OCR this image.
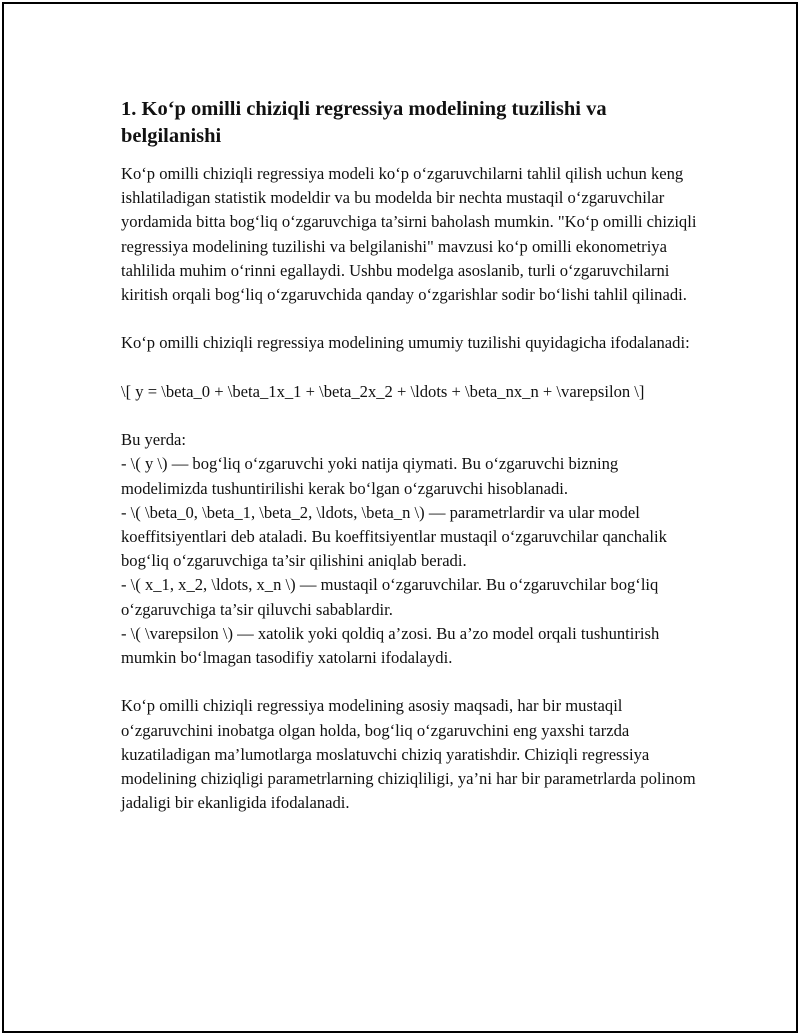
1. Ko‘p omilli chiziqli regressiya modelining tuzilishi va belgilanishi

Ko‘p omilli chiziqli regressiya modeli ko‘p o‘zgaruvchilarni tahlil qilish uchun keng ishlatiladigan statistik modeldir va bu modelda bir nechta mustaqil o‘zgaruvchilar yordamida bitta bog‘liq o‘zgaruvchiga ta’sirni baholash mumkin. "Ko‘p omilli chiziqli regressiya modelining tuzilishi va belgilanishi" mavzusi ko‘p omilli ekonometriya tahlilida muhim o‘rinni egallaydi. Ushbu modelga asoslanib, turli o‘zgaruvchilarni kiritish orqali bog‘liq o‘zgaruvchida qanday o‘zgarishlar sodir bo‘lishi tahlil qilinadi.

Ko‘p omilli chiziqli regressiya modelining umumiy tuzilishi quyidagicha ifodalanadi:

\[ y = \beta_0 + \beta_1x_1 + \beta_2x_2 + \ldots + \beta_nx_n + \varepsilon \]

Bu yerda:
- \( y \) — bog‘liq o‘zgaruvchi yoki natija qiymati. Bu o‘zgaruvchi bizning modelimizda tushuntirilishi kerak bo‘lgan o‘zgaruvchi hisoblanadi.
- \( \beta_0, \beta_1, \beta_2, \ldots, \beta_n \) — parametrlardir va ular model koeffitsiyentlari deb ataladi. Bu koeffitsiyentlar mustaqil o‘zgaruvchilar qanchalik bog‘liq o‘zgaruvchiga ta’sir qilishini aniqlab beradi.
- \( x_1, x_2, \ldots, x_n \) — mustaqil o‘zgaruvchilar. Bu o‘zgaruvchilar bog‘liq o‘zgaruvchiga ta’sir qiluvchi sabablardir.
- \( \varepsilon \) — xatolik yoki qoldiq a’zosi. Bu a’zo model orqali tushuntirish mumkin bo‘lmagan tasodifiy xatolarni ifodalaydi.

Ko‘p omilli chiziqli regressiya modelining asosiy maqsadi, har bir mustaqil o‘zgaruvchini inobatga olgan holda, bog‘liq o‘zgaruvchini eng yaxshi tarzda kuzatiladigan ma’lumotlarga moslatuvchi chiziq yaratishdir. Chiziqli regressiya modelining chiziqligi parametrlarning chiziqliligi, ya’ni har bir parametrlarda polinom jadaligi bir ekanligida ifodalanadi.
